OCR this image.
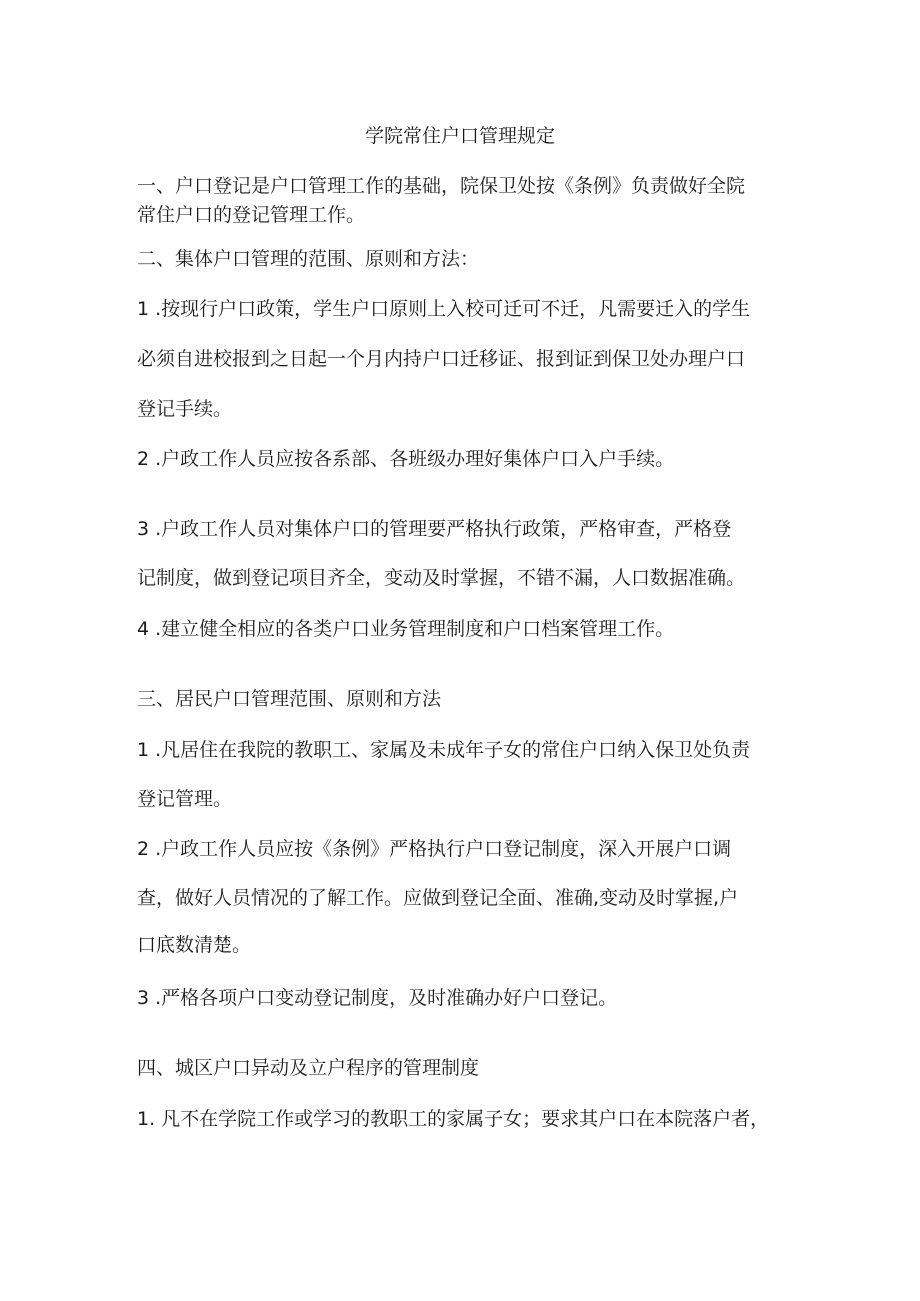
学院常住户口管理规定
一、户口登记是户口管理工作的基础，院保卫处按《条例》负责做好全院
常住户口的登记管理工作。
二、集体户口管理的范围、原则和方法：
1 .按现行户口政策，学生户口原则上入校可迁可不迁，凡需要迁入的学生
必须自进校报到之日起一个月内持户口迁移证、报到证到保卫处办理户口
登记手续。
2 .户政工作人员应按各系部、各班级办理好集体户口入户手续。
3 .户政工作人员对集体户口的管理要严格执行政策，严格审查，严格登
记制度，做到登记项目齐全，变动及时掌握，不错不漏，人口数据准确。
4 .建立健全相应的各类户口业务管理制度和户口档案管理工作。
三、居民户口管理范围、原则和方法
1 .凡居住在我院的教职工、家属及未成年子女的常住户口纳入保卫处负责
登记管理。
2 .户政工作人员应按《条例》严格执行户口登记制度，深入开展户口调
查，做好人员情况的了解工作。应做到登记全面、准确,变动及时掌握,户
口底数清楚。
3 .严格各项户口变动登记制度，及时准确办好户口登记。
四、城区户口异动及立户程序的管理制度
1. 凡不在学院工作或学习的教职工的家属子女；要求其户口在本院落户者，
